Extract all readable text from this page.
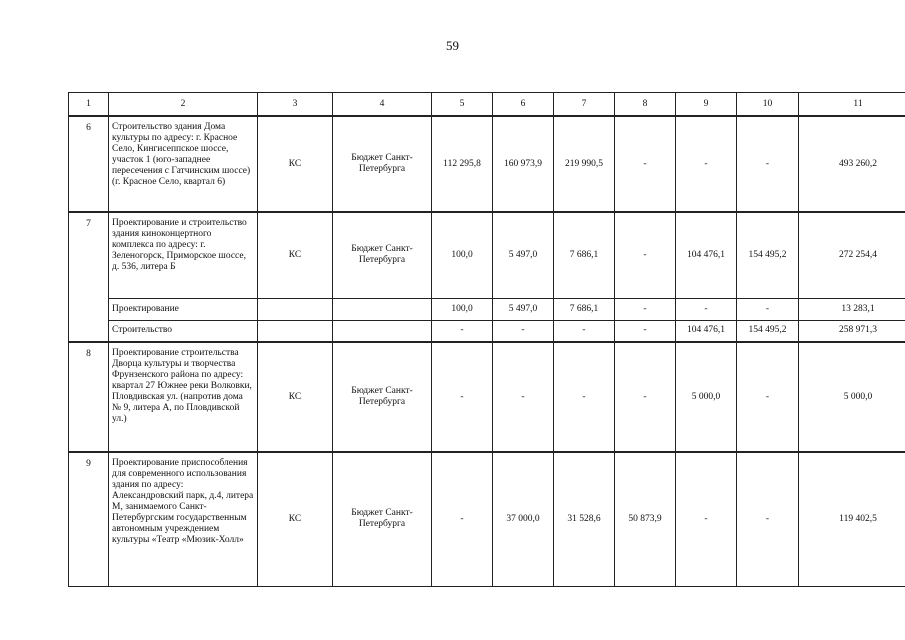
59
1	2	3	4	5	6	7	8	9	10	11
6	Строительство здания Дома культуры по адресу: г. Красное Село, Кингисеппское шоссе, участок 1 (юго-западнее пересечения с Гатчинским шоссе) (г. Красное Село, квартал 6)	КС	Бюджет Санкт-Петербурга	112 295,8	160 973,9	219 990,5	-	-	-	493 260,2
7	Проектирование и строительство здания киноконцертного комплекса по адресу: г. Зеленогорск, Приморское шоссе, д. 536, литера Б	КС	Бюджет Санкт-Петербурга	100,0	5 497,0	7 686,1	-	104 476,1	154 495,2	272 254,4
	Проектирование			100,0	5 497,0	7 686,1	-	-	-	13 283,1
	Строительство			-	-	-	-	104 476,1	154 495,2	258 971,3
8	Проектирование строительства Дворца культуры и творчества Фрунзенского района по адресу: квартал 27 Южнее реки Волковки, Пловдивская ул. (напротив дома № 9, литера А, по Пловдивской ул.)	КС	Бюджет Санкт-Петербурга	-	-	-	-	5 000,0	-	5 000,0
9	Проектирование приспособления для современного использования здания по адресу: Александровский парк, д.4, литера М, занимаемого Санкт-Петербургским государственным автономным учреждением культуры «Театр «Мюзик-Холл»	КС	Бюджет Санкт-Петербурга	-	37 000,0	31 528,6	50 873,9	-	-	119 402,5
